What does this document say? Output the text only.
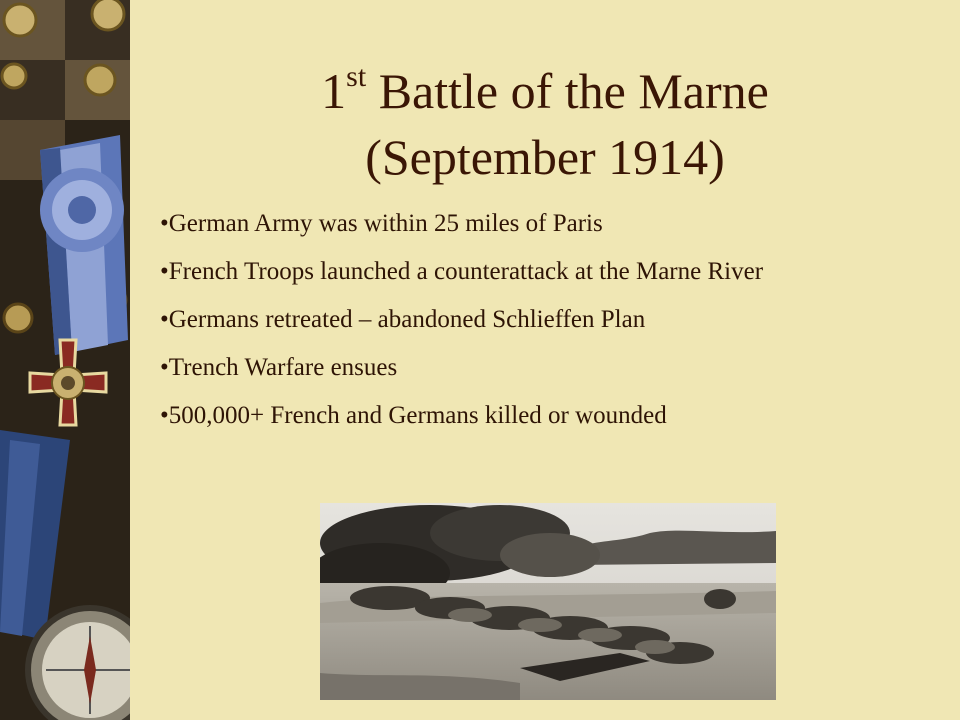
1st Battle of the Marne
(September 1914)
•German Army was within 25 miles of Paris
•French Troops launched a counterattack at the Marne River
•Germans retreated – abandoned Schlieffen Plan
•Trench Warfare ensues
•500,000+ French and Germans killed or wounded
